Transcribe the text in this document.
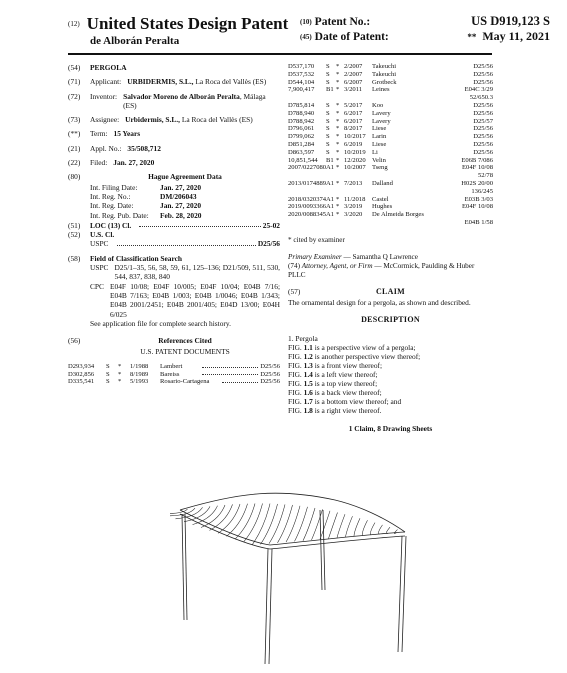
(12) United States Design Patent
de Alborán Peralta
(10) Patent No.:	US D919,123 S
(45) Date of Patent:	** May 11, 2021
(54)	PERGOLA
(71)	Applicant: URBIDERMIS, S.L., La Roca del Vallès (ES)
(72)	Inventor: Salvador Moreno de Alborán Peralta, Málaga (ES)
(73)	Assignee: Urbidermis, S.L., La Roca del Vallès (ES)
(**)	Term: 15 Years
(21)	Appl. No.: 35/508,712
(22)	Filed: Jan. 27, 2020
(80)	Hague Agreement Data
Int. Filing Date:	Jan. 27, 2020
Int. Reg. No.:	DM/206043
Int. Reg. Date:	Jan. 27, 2020
Int. Reg. Pub. Date:	Feb. 28, 2020
(51)	LOC (13) Cl.	25-02
(52)	U.S. Cl.
USPC	D25/56
(58)	Field of Classification Search
USPC D25/1–35, 56, 58, 59, 61, 125–136; D21/509, 511, 530, 544, 837, 838, 840
CPC E04F 10/08; E04F 10/005; E04F 10/04; E04B 7/16; E04B 7/163; E04B 1/003; E04B 1/0046; E04B 1/343; E04B 2001/2451; E04B 2001/405; E04D 13/00; E04H 6/025
See application file for complete search history.
(56)	References Cited
U.S. PATENT DOCUMENTS
D293,934	S	*	1/1988	Lambert	D25/56
D302,856	S	*	8/1989	Bareiss	D25/56
D335,541	S	*	5/1993	Rosario-Cartagena	D25/56
D537,170	S * 2/2007	Takeuchi	D25/56
D537,532	S * 2/2007	Takeuchi	D25/56
D544,104	S * 6/2007	Grotbeck	D25/56
7,900,417	B1 * 3/2011	Leines	E04C 3/29
52/650.3
D785,814	S * 5/2017	Koo	D25/56
D788,940	S * 6/2017	Lavery	D25/56
D788,942	S * 6/2017	Lavery	D25/57
D796,061	S * 8/2017	Liese	D25/56
D799,062	S * 10/2017 Larin	D25/56
D851,284	S * 6/2019	Liese	D25/56
D863,597	S * 10/2019 Li	D25/56
10,851,544	B1 * 12/2020 Velin	E06B 7/086
2007/0227080 A1 * 10/2007 Tseng	E04F 10/08
52/78
2013/0174889 A1 * 7/2013	Dalland	H02S 20/00
136/245
2018/0320374 A1 * 11/2018	Castel	E03B 3/03
2019/0093366 A1 * 3/2019	Hughes	E04F 10/08
2020/0088345 A1 * 3/2020	De Almeida Borges
E04B 1/58
* cited by examiner
Primary Examiner — Samantha Q Lawrence
(74) Attorney, Agent, or Firm — McCormick, Paulding & Huber PLLC
(57)	CLAIM
The ornamental design for a pergola, as shown and described.
DESCRIPTION
1. Pergola
FIG. 1.1 is a perspective view of a pergola;
FIG. 1.2 is another perspective view thereof;
FIG. 1.3 is a front view thereof;
FIG. 1.4 is a left view thereof;
FIG. 1.5 is a top view thereof;
FIG. 1.6 is a back view thereof;
FIG. 1.7 is a bottom view thereof; and
FIG. 1.8 is a right view thereof.
1 Claim, 8 Drawing Sheets
